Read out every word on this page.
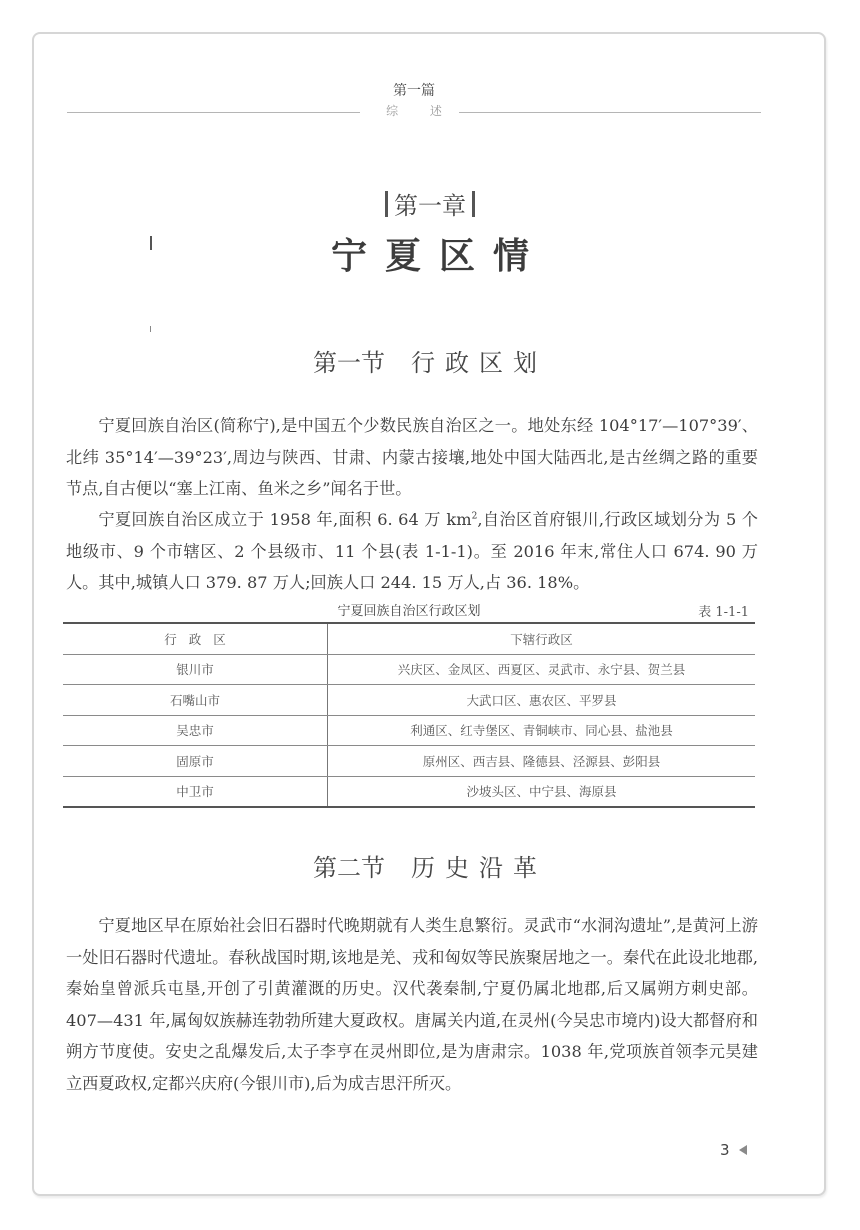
第一篇
综 述
第一章
宁夏区情
第一节 行政区划

宁夏回族自治区(简称宁),是中国五个少数民族自治区之一。地处东经 104°17′—107°39′、北纬 35°14′—39°23′,周边与陕西、甘肃、内蒙古接壤,地处中国大陆西北,是古丝绸之路的重要节点,自古便以“塞上江南、鱼米之乡”闻名于世。

宁夏回族自治区成立于 1958 年,面积 6. 64 万 $km^2$,自治区首府银川,行政区域划分为 5 个地级市、9 个市辖区、2 个县级市、11 个县(表 1-1-1)。至 2016 年末,常住人口 674. 90 万人。其中,城镇人口 379. 87 万人;回族人口 244. 15 万人,占 36. 18%。

宁夏回族自治区行政区划	表 1-1-1
行政区	下辖行政区
银川市	兴庆区、金凤区、西夏区、灵武市、永宁县、贺兰县
石嘴山市	大武口区、惠农区、平罗县
吴忠市	利通区、红寺堡区、青铜峡市、同心县、盐池县
固原市	原州区、西吉县、隆德县、泾源县、彭阳县
中卫市	沙坡头区、中宁县、海原县
第二节 历史沿革

宁夏地区早在原始社会旧石器时代晚期就有人类生息繁衍。灵武市“水洞沟遗址”,是黄河上游一处旧石器时代遗址。春秋战国时期,该地是羌、戎和匈奴等民族聚居地之一。秦代在此设北地郡,秦始皇曾派兵屯垦,开创了引黄灌溉的历史。汉代袭秦制,宁夏仍属北地郡,后又属朔方刺史部。407—431 年,属匈奴族赫连勃勃所建大夏政权。唐属关内道,在灵州(今吴忠市境内)设大都督府和朔方节度使。安史之乱爆发后,太子李亨在灵州即位,是为唐肃宗。1038 年,党项族首领李元昊建立西夏政权,定都兴庆府(今银川市),后为成吉思汗所灭。

3
